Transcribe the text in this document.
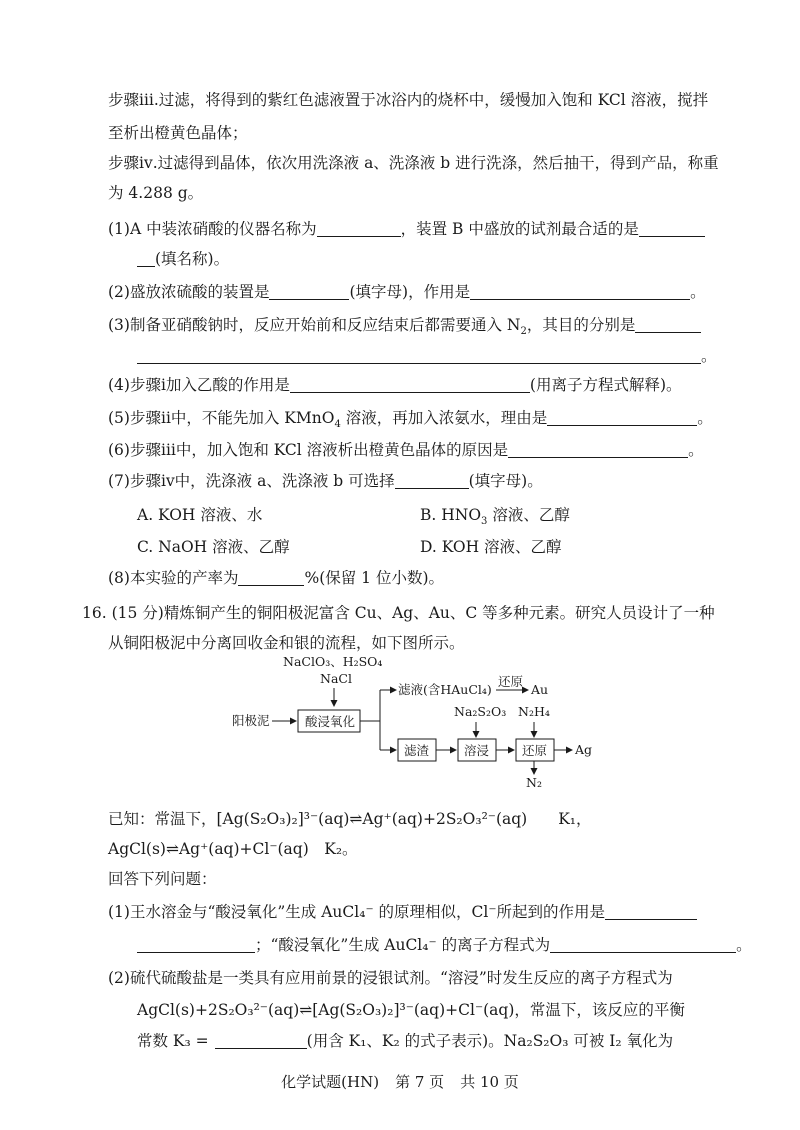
步骤ⅲ.过滤，将得到的紫红色滤液置于冰浴内的烧杯中，缓慢加入饱和 KCl 溶液，搅拌
至析出橙黄色晶体；
步骤ⅳ.过滤得到晶体，依次用洗涤液 a、洗涤液 b 进行洗涤，然后抽干，得到产品，称重
为 4.288 g。
(1)A 中装浓硝酸的仪器名称为	，装置 B 中盛放的试剂最合适的是
(填名称)。
(2)盛放浓硫酸的装置是	(填字母)，作用是	。
(3)制备亚硝酸钠时，反应开始前和反应结束后都需要通入 $N_2$，其目的分别是
。
(4)步骤ⅰ加入乙酸的作用是	(用离子方程式解释)。
(5)步骤ⅱ中，不能先加入 KMnO$_4$ 溶液，再加入浓氨水，理由是	。
(6)步骤ⅲ中，加入饱和 KCl 溶液析出橙黄色晶体的原因是	。
(7)步骤ⅳ中，洗涤液 a、洗涤液 b 可选择	(填字母)。
A. KOH 溶液、水	B. $HNO_3$ 溶液、乙醇
C. NaOH 溶液、乙醇	D. KOH 溶液、乙醇
(8)本实验的产率为	%(保留 1 位小数)。
16. (15 分)精炼铜产生的铜阳极泥富含 Cu、Ag、Au、C 等多种元素。研究人员设计了一种
从铜阳极泥中分离回收金和银的流程，如下图所示。
NaClO₃、H₂SO₄
NaCl
阳极泥	酸浸氧化
滤液(含HAuCl₄)
还原
Au
滤渣
Na₂S₂O₃
溶浸
N₂H₄
还原 Ag
N₂
已知：常温下，[Ag(S₂O₃)₂]³⁻(aq)⇌Ag⁺(aq)+2S₂O₃²⁻(aq)　　K₁，
AgCl(s)⇌Ag⁺(aq)+Cl⁻(aq)　K₂。
回答下列问题：
(1)王水溶金与“酸浸氧化”生成 AuCl₄⁻ 的原理相似，Cl⁻所起到的作用是
；“酸浸氧化”生成 AuCl₄⁻ 的离子方程式为	。
(2)硫代硫酸盐是一类具有应用前景的浸银试剂。“溶浸”时发生反应的离子方程式为
AgCl(s)+2S₂O₃²⁻(aq)⇌[Ag(S₂O₃)₂]³⁻(aq)+Cl⁻(aq)，常温下，该反应的平衡
常数 K₃ =	(用含 K₁、K₂ 的式子表示)。Na₂S₂O₃ 可被 I₂ 氧化为
化学试题(HN) 第 7 页 共 10 页
